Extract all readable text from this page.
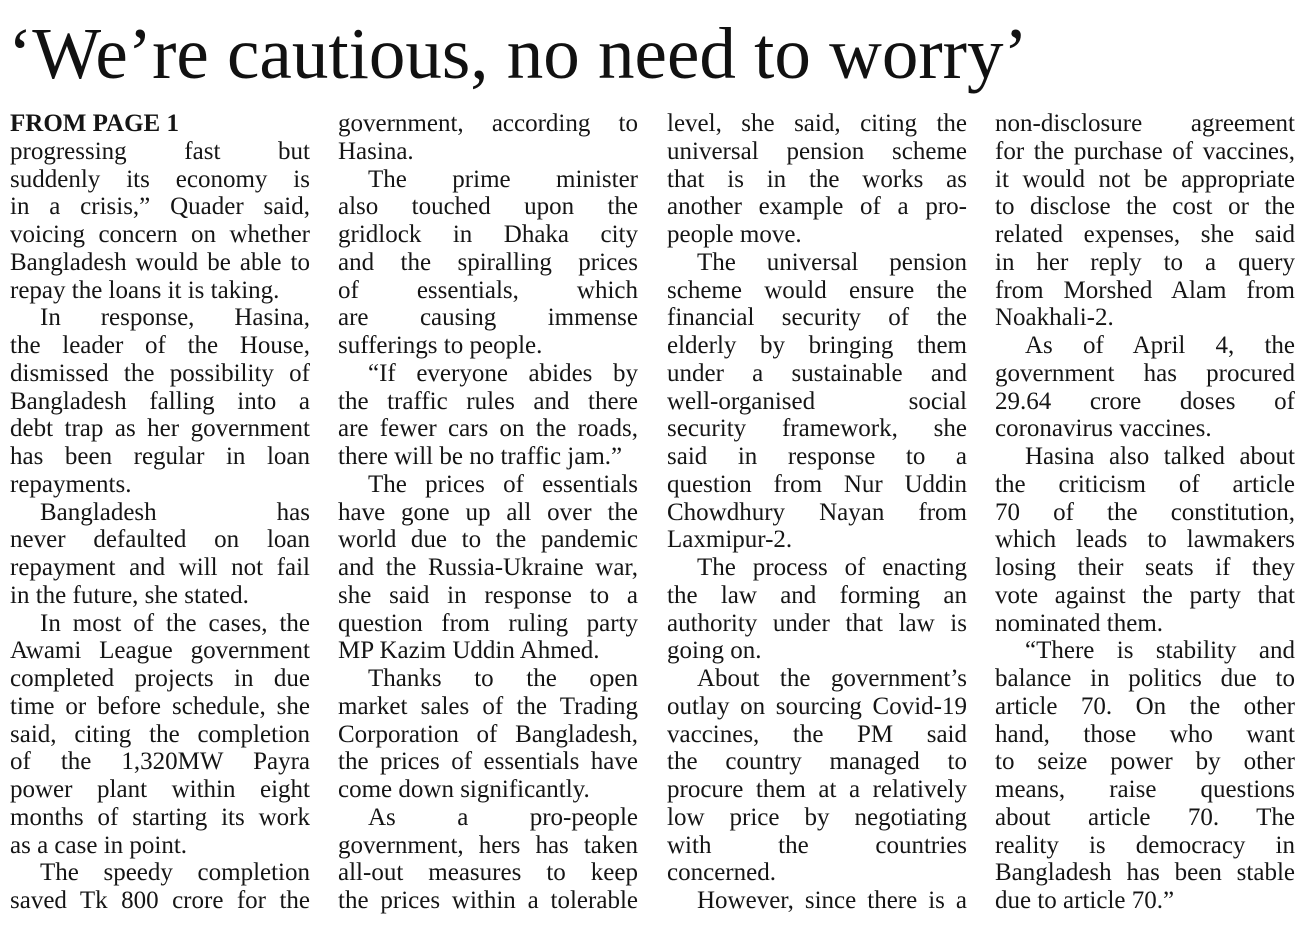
‘We’re cautious, no need to worry’
FROM PAGE 1

progressing fast but
suddenly its economy is
in a crisis,” Quader said,
voicing concern on whether
Bangladesh would be able to
repay the loans it is taking.

In response, Hasina,
the leader of the House,
dismissed the possibility of
Bangladesh falling into a
debt trap as her government
has been regular in loan
repayments.

Bangladesh has
never defaulted on loan
repayment and will not fail
in the future, she stated.

In most of the cases, the
Awami League government
completed projects in due
time or before schedule, she
said, citing the completion
of the 1,320MW Payra
power plant within eight
months of starting its work
as a case in point.

The speedy completion
saved Tk 800 crore for the

government, according to
Hasina.

The prime minister
also touched upon the
gridlock in Dhaka city
and the spiralling prices
of essentials, which
are causing immense
sufferings to people.

“If everyone abides by
the traffic rules and there
are fewer cars on the roads,
there will be no traffic jam.”

The prices of essentials
have gone up all over the
world due to the pandemic
and the Russia-Ukraine war,
she said in response to a
question from ruling party
MP Kazim Uddin Ahmed.

Thanks to the open
market sales of the Trading
Corporation of Bangladesh,
the prices of essentials have
come down significantly.

As a pro-people
government, hers has taken
all-out measures to keep
the prices within a tolerable

level, she said, citing the
universal pension scheme
that is in the works as
another example of a pro-
people move.

The universal pension
scheme would ensure the
financial security of the
elderly by bringing them
under a sustainable and
well-organised social
security framework, she
said in response to a
question from Nur Uddin
Chowdhury Nayan from
Laxmipur-2.

The process of enacting
the law and forming an
authority under that law is
going on.

About the government’s
outlay on sourcing Covid-19
vaccines, the PM said
the country managed to
procure them at a relatively
low price by negotiating
with the countries
concerned.

However, since there is a

non-disclosure agreement
for the purchase of vaccines,
it would not be appropriate
to disclose the cost or the
related expenses, she said
in her reply to a query
from Morshed Alam from
Noakhali-2.

As of April 4, the
government has procured
29.64 crore doses of
coronavirus vaccines.

Hasina also talked about
the criticism of article
70 of the constitution,
which leads to lawmakers
losing their seats if they
vote against the party that
nominated them.

“There is stability and
balance in politics due to
article 70. On the other
hand, those who want
to seize power by other
means, raise questions
about article 70. The
reality is democracy in
Bangladesh has been stable
due to article 70.”
